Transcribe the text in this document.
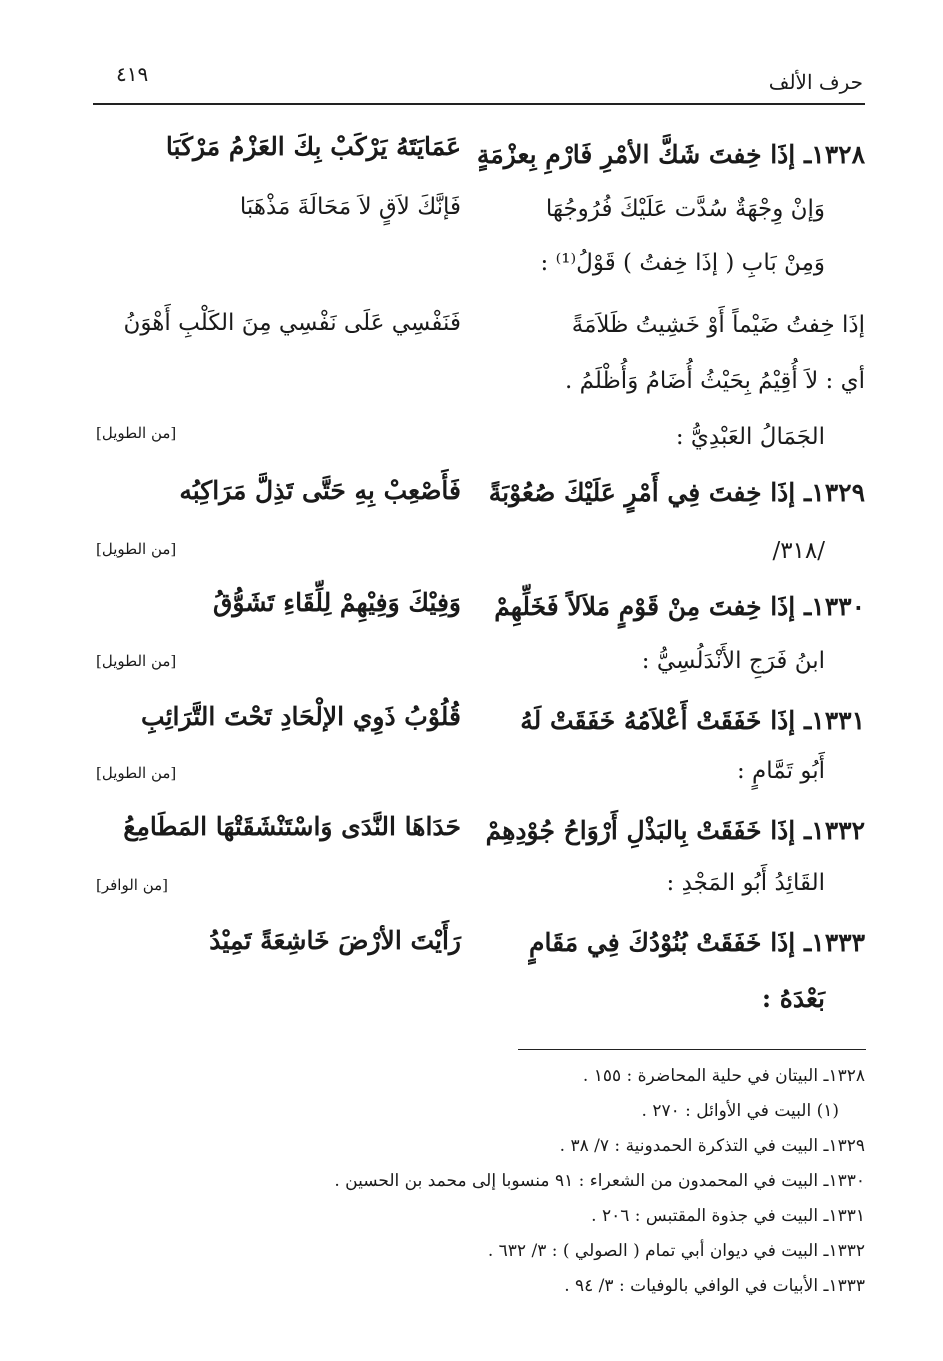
٤١٩	حرف الألف
١٣٢٨ـ إذَا خِفتَ شَكَّ الأمْرِ فَارْمِ بِعزْمَةٍ
عَمَايَتَهُ يَرْكَبْ بِكَ العَزْمُ مَرْكَبَا
وَإنْ وِجْهَةٌ سُدَّت عَلَيْكَ فُرُوجُهَا
فَإنَّكَ لاَقٍ لاَ مَحَالَةَ مَذْهَبَا
وَمِنْ بَابِ ( إذَا خِفتُ ) قَوْلُ⁽¹⁾ :
إذَا خِفتُ ضَيْماً أَوْ خَشِيتُ ظَلاَمَةً
فَنَفْسِي عَلَى نَفْسِي مِنَ الكَلْبِ أَهْوَنُ
أي : لاَ أُقِيْمُ بِحَيْثُ أُضَامُ وَأُظْلَمُ .
الجَمَالُ العَبْدِيُّ :
[من الطويل]
١٣٢٩ـ إذَا خِفتَ فِي أَمْرٍ عَلَيْكَ صُعُوْبَةً
فَأَصْعِبْ بِهِ حَتَّى تَذِلَّ مَرَاكِبُه
/٣١٨/
[من الطويل]
١٣٣٠ـ إذَا خِفتَ مِنْ قَوْمٍ مَلاَلاً فَخَلِّهِمْ
وَفِيْكَ وَفِيْهِمْ لِلِّقَاءِ تَشَوُّقُ
ابنُ فَرَجِ الأَنْدَلُسِيُّ :
[من الطويل]
١٣٣١ـ إذَا خَفَقَتْ أَعْلاَمُهُ خَفَقَتْ لَهُ
قُلُوْبُ ذَوِي الإلْحَادِ تَحْتَ التَّرَائِبِ
أَبُو تَمَّامٍ :
[من الطويل]
١٣٣٢ـ إذَا خَفَقَتْ بِالبَذْلِ أَرْوَاحُ جُوْدِهِمْ
حَدَاهَا النَّدَى وَاسْتَنْشَقَتْهَا المَطَامِعُ
القَائِدُ أَبُو المَجْدِ :
[من الوافر]
١٣٣٣ـ إذَا خَفَقَتْ بُنُوْدُكَ فِي مَقَامٍ
رَأَيْتَ الأرْضَ خَاشِعَةً تَمِيْدُ
بَعْدَهُ :
١٣٢٨ـ البيتان في حلية المحاضرة : ١٥٥ .
(١) البيت في الأوائل : ٢٧٠ .
١٣٢٩ـ البيت في التذكرة الحمدونية : ٧/ ٣٨ .
١٣٣٠ـ البيت في المحمدون من الشعراء : ٩١ منسوبا إلى محمد بن الحسين .
١٣٣١ـ البيت في جذوة المقتبس : ٢٠٦ .
١٣٣٢ـ البيت في ديوان أبي تمام ( الصولي ) : ٣/ ٦٣٢ .
١٣٣٣ـ الأبيات في الوافي بالوفيات : ٣/ ٩٤ .
